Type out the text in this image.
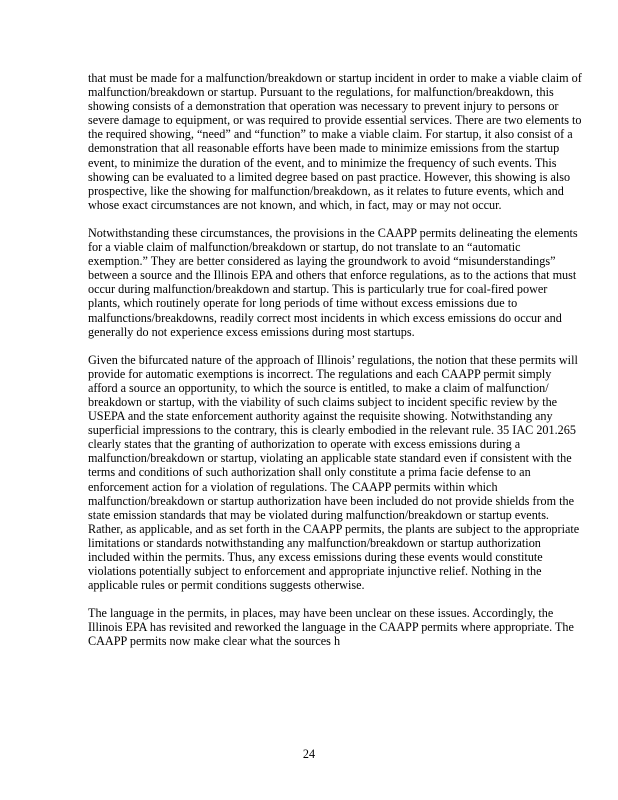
that must be made for a malfunction/breakdown or startup incident in order to make a viable claim of malfunction/breakdown or startup. Pursuant to the regulations, for malfunction/breakdown, this showing consists of a demonstration that operation was necessary to prevent injury to persons or severe damage to equipment, or was required to provide essential services. There are two elements to the required showing, “need” and “function” to make a viable claim. For startup, it also consist of a demonstration that all reasonable efforts have been made to minimize emissions from the startup event, to minimize the duration of the event, and to minimize the frequency of such events. This showing can be evaluated to a limited degree based on past practice. However, this showing is also prospective, like the showing for malfunction/breakdown, as it relates to future events, which and whose exact circumstances are not known, and which, in fact, may or may not occur.

Notwithstanding these circumstances, the provisions in the CAAPP permits delineating the elements for a viable claim of malfunction/breakdown or startup, do not translate to an “automatic exemption.” They are better considered as laying the groundwork to avoid “misunderstandings” between a source and the Illinois EPA and others that enforce regulations, as to the actions that must occur during malfunction/breakdown and startup. This is particularly true for coal-fired power plants, which routinely operate for long periods of time without excess emissions due to malfunctions/breakdowns, readily correct most incidents in which excess emissions do occur and generally do not experience excess emissions during most startups.

Given the bifurcated nature of the approach of Illinois’ regulations, the notion that these permits will provide for automatic exemptions is incorrect. The regulations and each CAAPP permit simply afford a source an opportunity, to which the source is entitled, to make a claim of malfunction/ breakdown or startup, with the viability of such claims subject to incident specific review by the USEPA and the state enforcement authority against the requisite showing. Notwithstanding any superficial impressions to the contrary, this is clearly embodied in the relevant rule. 35 IAC 201.265 clearly states that the granting of authorization to operate with excess emissions during a malfunction/breakdown or startup, violating an applicable state standard even if consistent with the terms and conditions of such authorization shall only constitute a prima facie defense to an enforcement action for a violation of regulations. The CAAPP permits within which malfunction/breakdown or startup authorization have been included do not provide shields from the state emission standards that may be violated during malfunction/breakdown or startup events. Rather, as applicable, and as set forth in the CAAPP permits, the plants are subject to the appropriate limitations or standards notwithstanding any malfunction/breakdown or startup authorization included within the permits. Thus, any excess emissions during these events would constitute violations potentially subject to enforcement and appropriate injunctive relief. Nothing in the applicable rules or permit conditions suggests otherwise.

The language in the permits, in places, may have been unclear on these issues. Accordingly, the Illinois EPA has revisited and reworked the language in the CAAPP permits where appropriate. The CAAPP permits now make clear what the sources h

24
